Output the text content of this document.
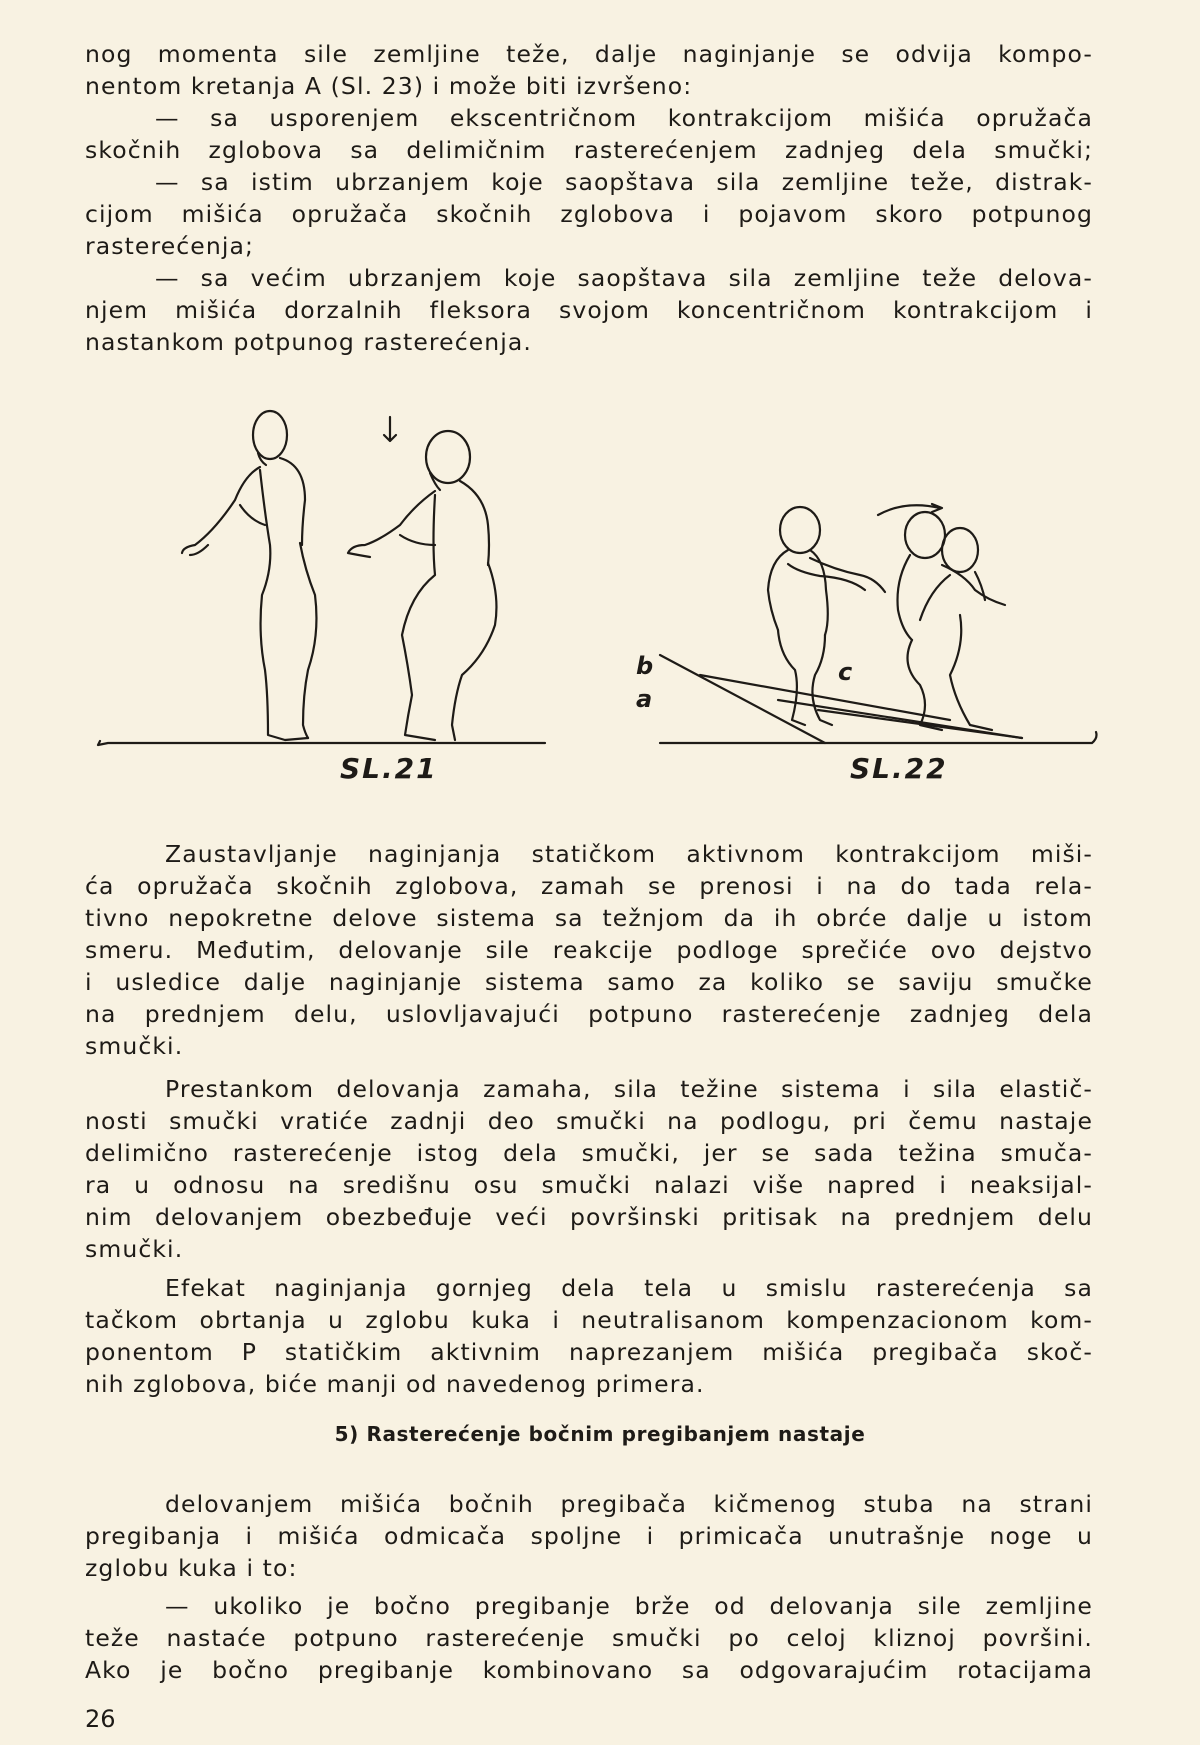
nog momenta sile zemljine teže, dalje naginjanje se odvija kompo-

nentom kretanja A (Sl. 23) i može biti izvršeno:

— sa usporenjem ekscentričnom kontrakcijom mišića opružača

skočnih zglobova sa delimičnim rasterećenjem zadnjeg dela smučki;

— sa istim ubrzanjem koje saopštava sila zemljine teže, distrak-

cijom mišića opružača skočnih zglobova i pojavom skoro potpunog

rasterećenja;

— sa većim ubrzanjem koje saopštava sila zemljine teže delova-

njem mišića dorzalnih fleksora svojom koncentričnom kontrakcijom i

nastankom potpunog rasterećenja.

SL.21
b	c
a
SL.22

Zaustavljanje naginjanja statičkom aktivnom kontrakcijom miši-

ća opružača skočnih zglobova, zamah se prenosi i na do tada rela-

tivno nepokretne delove sistema sa težnjom da ih obrće dalje u istom

smeru. Međutim, delovanje sile reakcije podloge sprečiće ovo dejstvo

i usledice dalje naginjanje sistema samo za koliko se saviju smučke

na prednjem delu, uslovljavajući potpuno rasterećenje zadnjeg dela

smučki.

Prestankom delovanja zamaha, sila težine sistema i sila elastič-

nosti smučki vratiće zadnji deo smučki na podlogu, pri čemu nastaje

delimično rasterećenje istog dela smučki, jer se sada težina smuča-

ra u odnosu na središnu osu smučki nalazi više napred i neaksijal-

nim delovanjem obezbeđuje veći površinski pritisak na prednjem delu

smučki.

Efekat naginjanja gornjeg dela tela u smislu rasterećenja sa

tačkom obrtanja u zglobu kuka i neutralisanom kompenzacionom kom-

ponentom P statičkim aktivnim naprezanjem mišića pregibača skoč-

nih zglobova, biće manji od navedenog primera.

5) Rasterećenje bočnim pregibanjem nastaje

delovanjem mišića bočnih pregibača kičmenog stuba na strani

pregibanja i mišića odmicača spoljne i primicača unutrašnje noge u

zglobu kuka i to:

— ukoliko je bočno pregibanje brže od delovanja sile zemljine

teže nastaće potpuno rasterećenje smučki po celoj kliznoj površini.

Ako je bočno pregibanje kombinovano sa odgovarajućim rotacijama

26
